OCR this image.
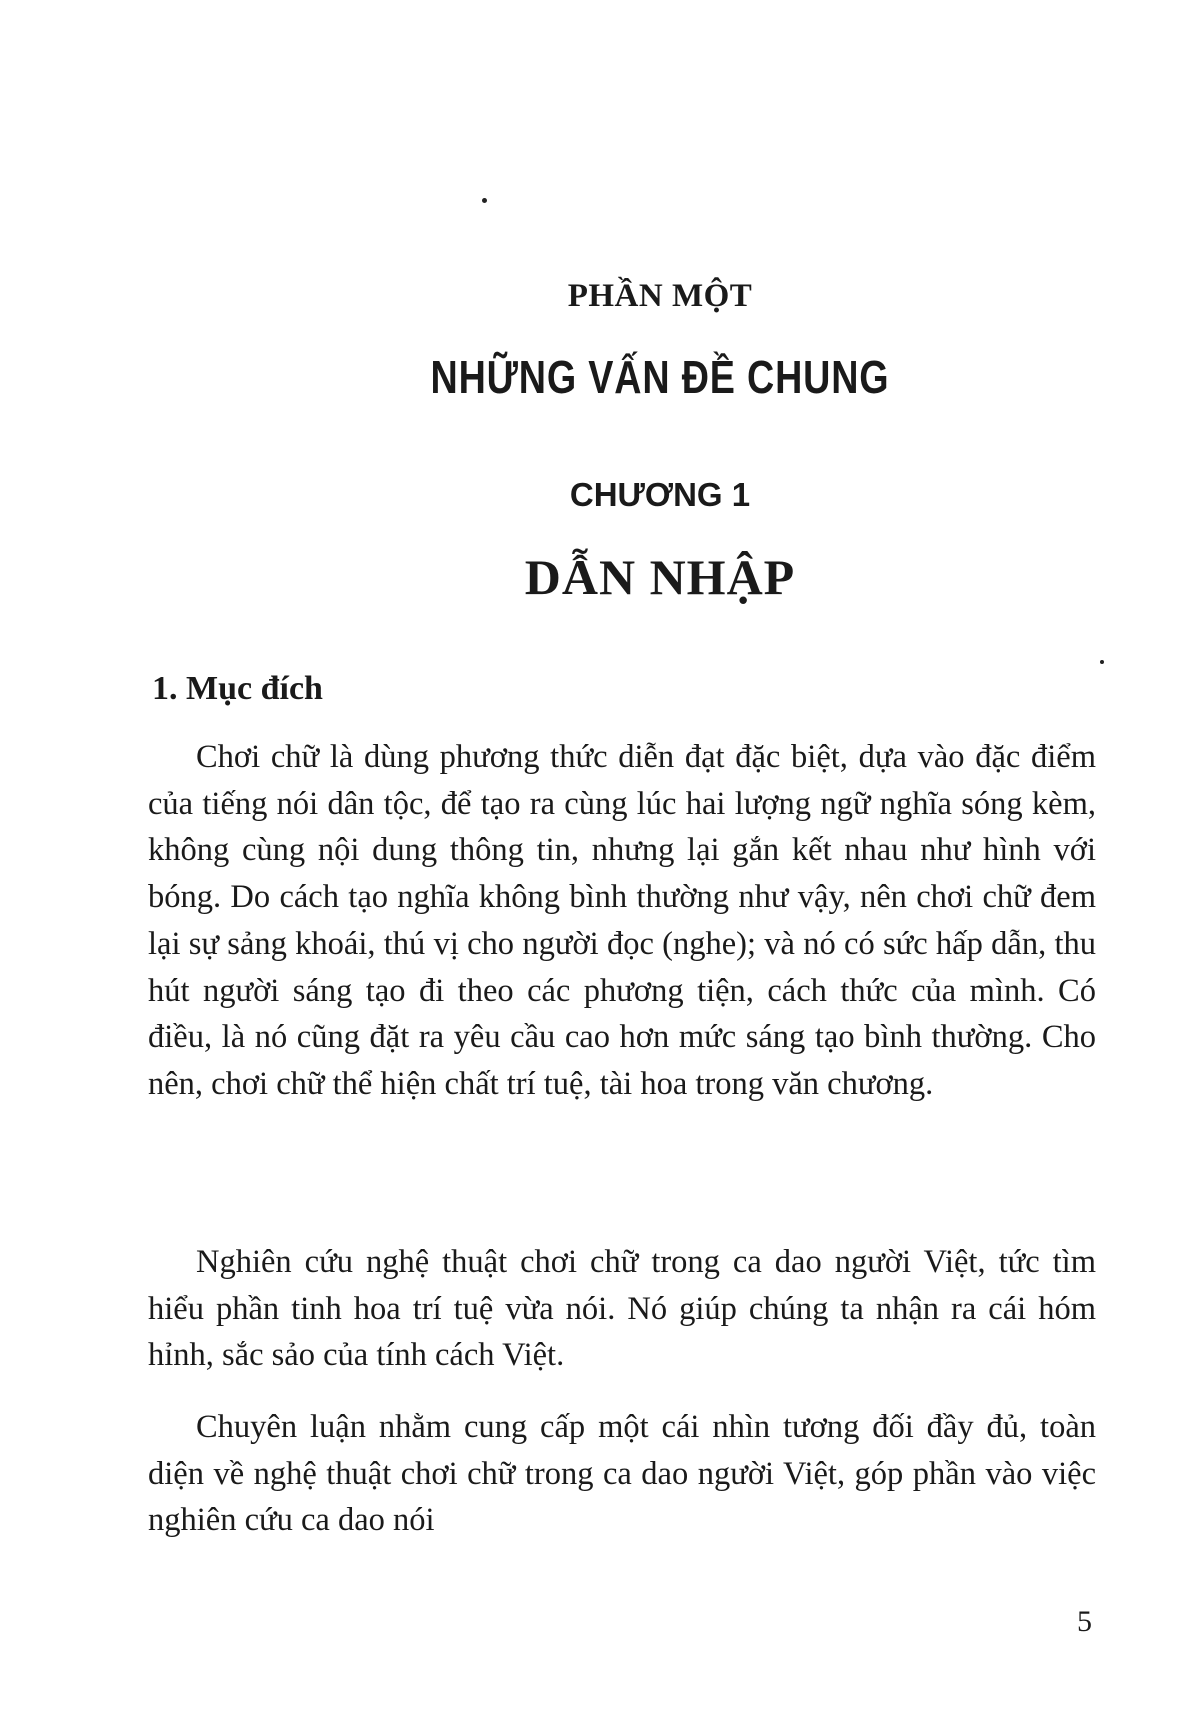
PHẦN MỘT
NHỮNG VẤN ĐỀ CHUNG
CHƯƠNG 1
DẪN NHẬP
1. Mục đích

Chơi chữ là dùng phương thức diễn đạt đặc biệt, dựa vào đặc điểm của tiếng nói dân tộc, để tạo ra cùng lúc hai lượng ngữ nghĩa sóng kèm, không cùng nội dung thông tin, nhưng lại gắn kết nhau như hình với bóng. Do cách tạo nghĩa không bình thường như vậy, nên chơi chữ đem lại sự sảng khoái, thú vị cho người đọc (nghe); và nó có sức hấp dẫn, thu hút người sáng tạo đi theo các phương tiện, cách thức của mình. Có điều, là nó cũng đặt ra yêu cầu cao hơn mức sáng tạo bình thường. Cho nên, chơi chữ thể hiện chất trí tuệ, tài hoa trong văn chương.

Nghiên cứu nghệ thuật chơi chữ trong ca dao người Việt, tức tìm hiểu phần tinh hoa trí tuệ vừa nói. Nó giúp chúng ta nhận ra cái hóm hỉnh, sắc sảo của tính cách Việt.

Chuyên luận nhằm cung cấp một cái nhìn tương đối đầy đủ, toàn diện về nghệ thuật chơi chữ trong ca dao người Việt, góp phần vào việc nghiên cứu ca dao nói

5
